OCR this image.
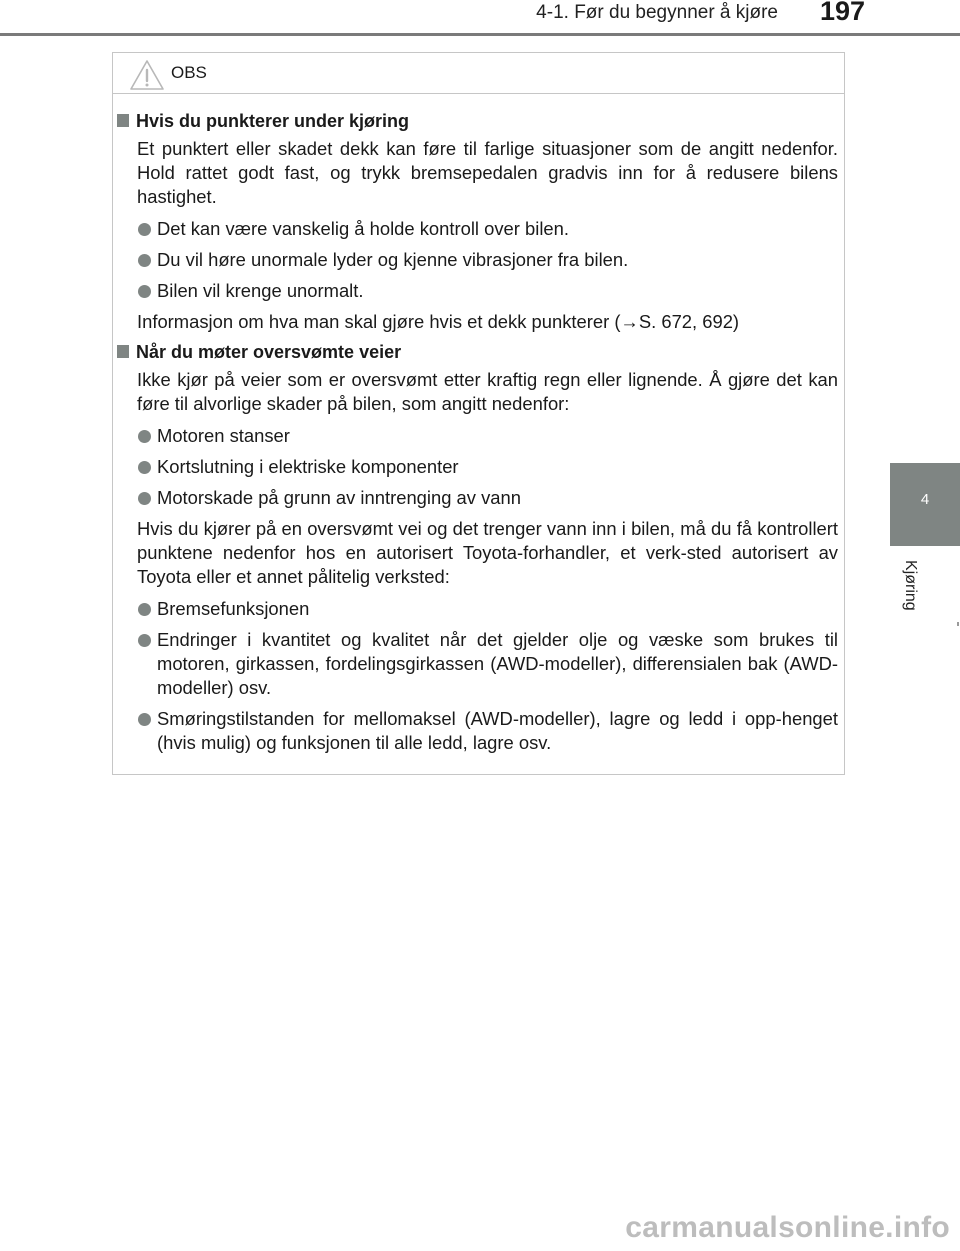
4-1. Før du begynner å kjøre 197
4
Kjøring
OBS
Hvis du punkterer under kjøring
Et punktert eller skadet dekk kan føre til farlige situasjoner som de angitt nedenfor. Hold rattet godt fast, og trykk bremsepedalen gradvis inn for å redusere bilens hastighet.
Det kan være vanskelig å holde kontroll over bilen.
Du vil høre unormale lyder og kjenne vibrasjoner fra bilen.
Bilen vil krenge unormalt.
Informasjon om hva man skal gjøre hvis et dekk punkterer (→S. 672, 692)
Når du møter oversvømte veier
Ikke kjør på veier som er oversvømt etter kraftig regn eller lignende. Å gjøre det kan føre til alvorlige skader på bilen, som angitt nedenfor:
Motoren stanser
Kortslutning i elektriske komponenter
Motorskade på grunn av inntrenging av vann
Hvis du kjører på en oversvømt vei og det trenger vann inn i bilen, må du få kontrollert punktene nedenfor hos en autorisert Toyota-forhandler, et verk-sted autorisert av Toyota eller et annet pålitelig verksted:
Bremsefunksjonen
Endringer i kvantitet og kvalitet når det gjelder olje og væske som brukes til motoren, girkassen, fordelingsgirkassen (AWD-modeller), differensialen bak (AWD-modeller) osv.
Smøringstilstanden for mellomaksel (AWD-modeller), lagre og ledd i opp-henget (hvis mulig) og funksjonen til alle ledd, lagre osv.
carmanualsonline.info
